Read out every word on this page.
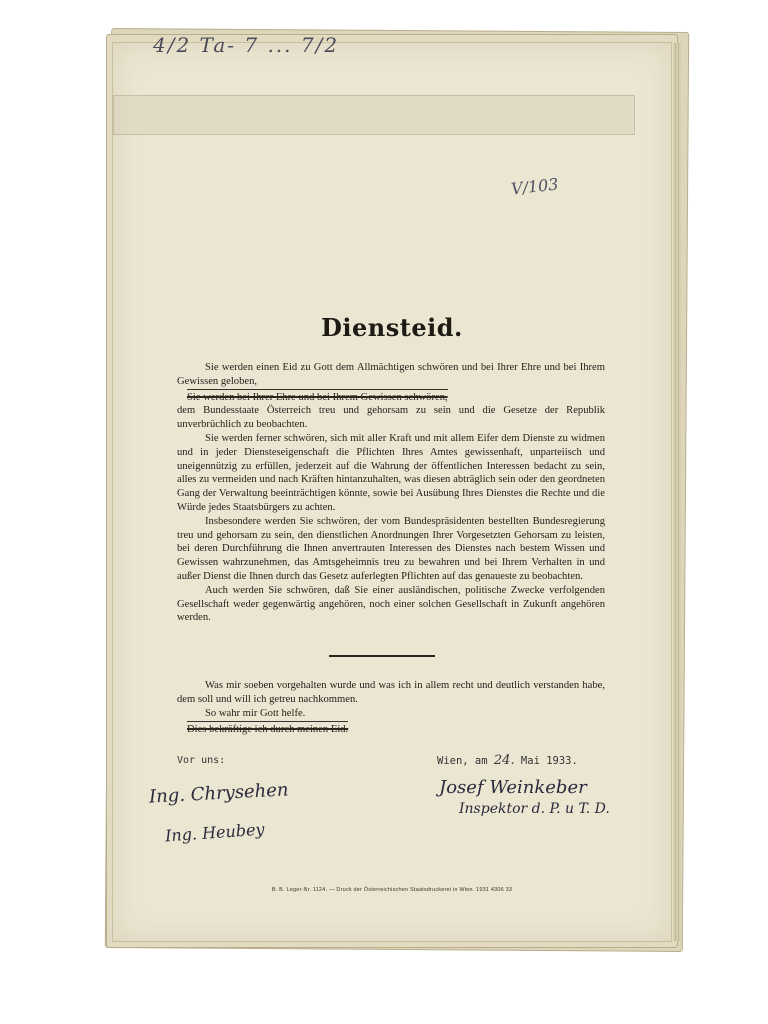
4/2 Ta- 7 ... 7/2
V/103
Diensteid.

Sie werden einen Eid zu Gott dem Allmächtigen schwören und bei Ihrer Ehre und bei Ihrem Gewissen geloben,

Sie werden bei Ihrer Ehre und bei Ihrem Gewissen schwören,

dem Bundesstaate Österreich treu und gehorsam zu sein und die Gesetze der Republik unverbrüchlich zu beobachten.

Sie werden ferner schwören, sich mit aller Kraft und mit allem Eifer dem Dienste zu widmen und in jeder Diensteseigenschaft die Pflichten Ihres Amtes gewissenhaft, unparteiisch und uneigennützig zu erfüllen, jederzeit auf die Wahrung der öffentlichen Interessen bedacht zu sein, alles zu vermeiden und nach Kräften hintanzuhalten, was diesen abträglich sein oder den geordneten Gang der Verwaltung beeinträchtigen könnte, sowie bei Ausübung Ihres Dienstes die Rechte und die Würde jedes Staatsbürgers zu achten.

Insbesondere werden Sie schwören, der vom Bundespräsidenten bestellten Bundesregierung treu und gehorsam zu sein, den dienstlichen Anordnungen Ihrer Vorgesetzten Gehorsam zu leisten, bei deren Durchführung die Ihnen anvertrauten Interessen des Dienstes nach bestem Wissen und Gewissen wahrzunehmen, das Amtsgeheimnis treu zu bewahren und bei Ihrem Verhalten in und außer Dienst die Ihnen durch das Gesetz auferlegten Pflichten auf das genaueste zu beobachten.

Auch werden Sie schwören, daß Sie einer ausländischen, politische Zwecke verfolgenden Gesellschaft weder gegenwärtig angehören, noch einer solchen Gesellschaft in Zukunft angehören werden.

Was mir soeben vorgehalten wurde und was ich in allem recht und deutlich verstanden habe, dem soll und will ich getreu nachkommen.

So wahr mir Gott helfe.

Dies bekräftige ich durch meinen Eid.

Vor uns:	Wien, am 24. Mai 1933.
Ing. Chrysehen
Ing. Heubey
Josef Weinkeber
Inspektor d. P. u T. D.
B. B. Leger-Nr. 1124. — Druck der Österreichischen Staatsdruckerei in Wien. 1931 4306 33
